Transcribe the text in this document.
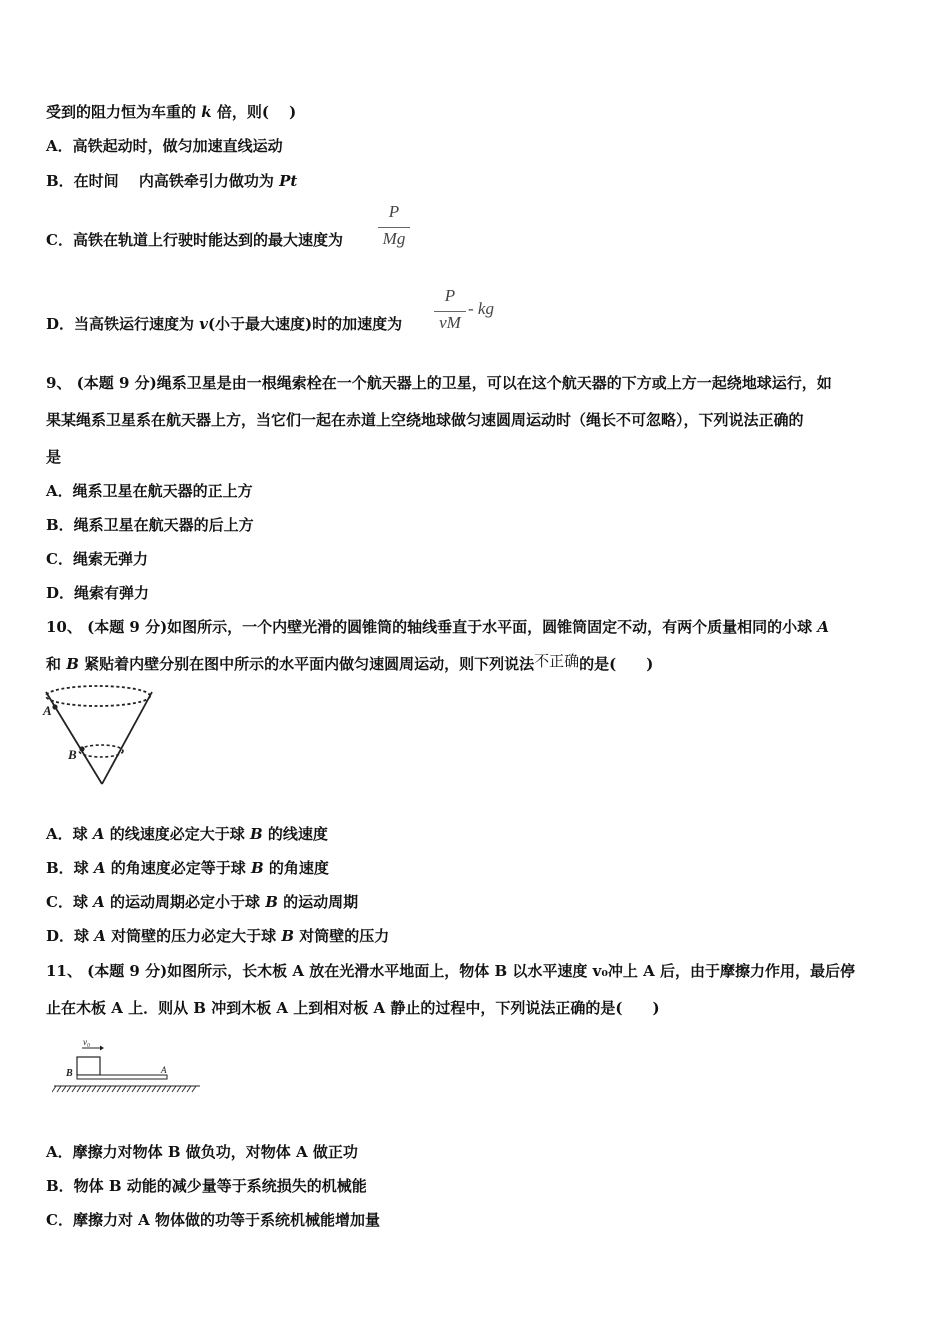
受到的阻力恒为车重的 k 倍，则(　 )
A．高铁起动时，做匀加速直线运动
B．在时间　 内高铁牵引力做功为 Pt
C．高铁在轨道上行驶时能达到的最大速度为
P
Mg
D．当高铁运行速度为 v(小于最大速度)时的加速度为
P
vM
- kg
9、 (本题 9 分)绳系卫星是由一根绳索栓在一个航天器上的卫星，可以在这个航天器的下方或上方一起绕地球运行，如
果某绳系卫星系在航天器上方，当它们一起在赤道上空绕地球做匀速圆周运动时（绳长不可忽略），下列说法正确的
是
A．绳系卫星在航天器的正上方
B．绳系卫星在航天器的后上方
C．绳索无弹力
D．绳索有弹力
10、 (本题 9 分)如图所示，一个内壁光滑的圆锥筒的轴线垂直于水平面，圆锥筒固定不动，有两个质量相同的小球 A
和 B 紧贴着内壁分别在图中所示的水平面内做匀速圆周运动，则下列说法不正确的是(　　)
A
B
A．球 A 的线速度必定大于球 B 的线速度
B．球 A 的角速度必定等于球 B 的角速度
C．球 A 的运动周期必定小于球 B 的运动周期
D．球 A 对筒壁的压力必定大于球 B 对筒壁的压力
11、 (本题 9 分)如图所示，长木板 A 放在光滑水平地面上，物体 B 以水平速度 v₀冲上 A 后，由于摩擦力作用，最后停
止在木板 A 上．则从 B 冲到木板 A 上到相对板 A 静止的过程中，下列说法正确的是(　　)
v₀
B	A
A．摩擦力对物体 B 做负功，对物体 A 做正功
B．物体 B 动能的减少量等于系统损失的机械能
C．摩擦力对 A 物体做的功等于系统机械能增加量
